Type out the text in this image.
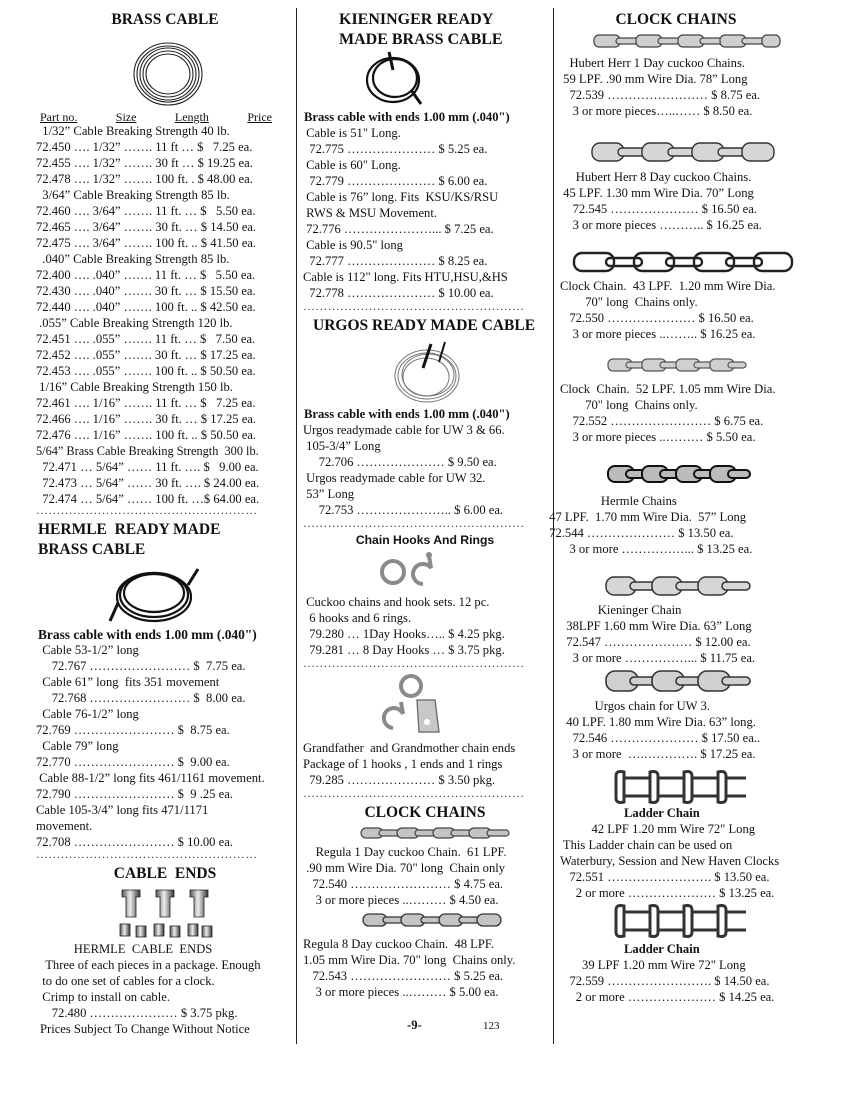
BRASS CABLE
Part no.	Size	Length	Price
1/32” Cable Breaking Strength 40 lb.
72.450 …. 1/32” ……. 11 ft … $   7.25 ea.
72.455 …. 1/32” ……. 30 ft … $ 19.25 ea.
72.478 …. 1/32” ……. 100 ft. . $ 48.00 ea.
3/64” Cable Breaking Strength 85 lb.
72.460 …. 3/64” ……. 11 ft. … $   5.50 ea.
72.465 …. 3/64” ……. 30 ft. … $ 14.50 ea.
72.475 …. 3/64” ……. 100 ft. .. $ 41.50 ea.
.040” Cable Breaking Strength 85 lb.
72.400 …. .040” ……. 11 ft. … $   5.50 ea.
72.430 …. .040” ……. 30 ft. … $ 15.50 ea.
72.440 …. .040” ……. 100 ft. .. $ 42.50 ea.
.055” Cable Breaking Strength 120 lb.
72.451 …. .055” ……. 11 ft. … $   7.50 ea.
72.452 …. .055” ……. 30 ft. … $ 17.25 ea.
72.453 …. .055” ……. 100 ft. .. $ 50.50 ea.
1/16” Cable Breaking Strength 150 lb.
72.461 …. 1/16” ……. 11 ft. … $   7.25 ea.
72.466 …. 1/16” ……. 30 ft. … $ 17.25 ea.
72.476 …. 1/16” ……. 100 ft. .. $ 50.50 ea.
5/64” Brass Cable Breaking Strength  300 lb.
72.471 … 5/64” …… 11 ft. …. $   9.00 ea.
72.473 … 5/64” …… 30 ft. …. $ 24.00 ea.
72.474 … 5/64” …… 100 ft. …$ 64.00 ea.
………………………………………………
HERMLE  READY MADE
BRASS CABLE
Brass cable with ends 1.00 mm (.040")
Cable 53-1/2” long
72.767 …………………… $  7.75 ea.
Cable 61” long  fits 351 movement
72.768 …………………… $  8.00 ea.
Cable 76-1/2” long
72.769 …………………… $  8.75 ea.
Cable 79” long
72.770 …………………… $  9.00 ea.
Cable 88-1/2” long fits 461/1161 movement.
72.790 …………………… $  9 .25 ea.
Cable 105-3/4” long fits 471/1171
movement.
72.708 …………………… $ 10.00 ea.
………………………………………………
CABLE  ENDS
HERMLE  CABLE  ENDS
Three of each pieces in a package. Enough
to do one set of cables for a clock.
Crimp to install on cable.
72.480 ………………… $ 3.75 pkg.
Prices Subject To Change Without Notice
KIENINGER READY
MADE BRASS CABLE
Brass cable with ends 1.00 mm (.040")
Cable is 51" Long.
72.775 ………………… $ 5.25 ea.
Cable is 60" Long.
72.779 ………………… $ 6.00 ea.
Cable is 76” long. Fits  KSU/KS/RSU
RWS & MSU Movement.
72.776 …………………... $ 7.25 ea.
Cable is 90.5" long
72.777 ………………… $ 8.25 ea.
Cable is 112" long. Fits HTU,HSU,&HS
72.778 ………………… $ 10.00 ea.
………………………………………………
URGOS READY MADE CABLE
Brass cable with ends 1.00 mm (.040")
Urgos readymade cable for UW 3 & 66.
105-3/4” Long
72.706 ………………… $ 9.50 ea.
Urgos readymade cable for UW 32.
53” Long
72.753 ………………….. $ 6.00 ea.
………………………………………………
Chain Hooks And Rings
Cuckoo chains and hook sets. 12 pc.
6 hooks and 6 rings.
79.280 … 1Day Hooks….. $ 4.25 pkg.
79.281 … 8 Day Hooks … $ 3.75 pkg.
………………………………………………
Grandfather  and Grandmother chain ends
Package of 1 hooks , 1 ends and 1 rings
79.285 ………………… $ 3.50 pkg.
………………………………………………
CLOCK CHAINS
Regula 1 Day cuckoo Chain.  61 LPF.
.90 mm Wire Dia. 70" long  Chain only
72.540 …………………… $ 4.75 ea.
3 or more pieces ..……… $ 4.50 ea.
Regula 8 Day cuckoo Chain.  48 LPF.
1.05 mm Wire Dia. 70" long  Chains only.
72.543 …………………… $ 5.25 ea.
3 or more pieces ..……… $ 5.00 ea.
-9-	123
CLOCK CHAINS
Hubert Herr 1 Day cuckoo Chains.
59 LPF. .90 mm Wire Dia. 78” Long
72.539 …………………… $ 8.75 ea.
3 or more pieces…..…… $ 8.50 ea.
Hubert Herr 8 Day cuckoo Chains.
45 LPF. 1.30 mm Wire Dia. 70” Long
72.545 ………………… $ 16.50 ea.
3 or more pieces ……….. $ 16.25 ea.
Clock Chain.  43 LPF.  1.20 mm Wire Dia.
70" long  Chains only.
72.550 ………………… $ 16.50 ea.
3 or more pieces ..…….. $ 16.25 ea.
Clock  Chain.  52 LPF. 1.05 mm Wire Dia.
70" long  Chains only.
72.552 …………………… $ 6.75 ea.
3 or more pieces ..……… $ 5.50 ea.
Hermle Chains
47 LPF.  1.70 mm Wire Dia.  57” Long
72.544 ………………… $ 13.50 ea.
3 or more ……………... $ 13.25 ea.
Kieninger Chain
38LPF 1.60 mm Wire Dia. 63” Long
72.547 ………………… $ 12.00 ea.
3 or more ……………... $ 11.75 ea.
Urgos chain for UW 3.
40 LPF. 1.80 mm Wire Dia. 63” long.
72.546 ………………… $ 17.50 ea..
3 or more  ….…………. $ 17.25 ea.
Ladder Chain
42 LPF 1.20 mm Wire 72" Long
This Ladder chain can be used on
Waterbury, Session and New Haven Clocks
72.551 ……………………. $ 13.50 ea.
2 or more ………………… $ 13.25 ea.
Ladder Chain
39 LPF 1.20 mm Wire 72" Long
72.559 ……………………. $ 14.50 ea.
2 or more ………………… $ 14.25 ea.
